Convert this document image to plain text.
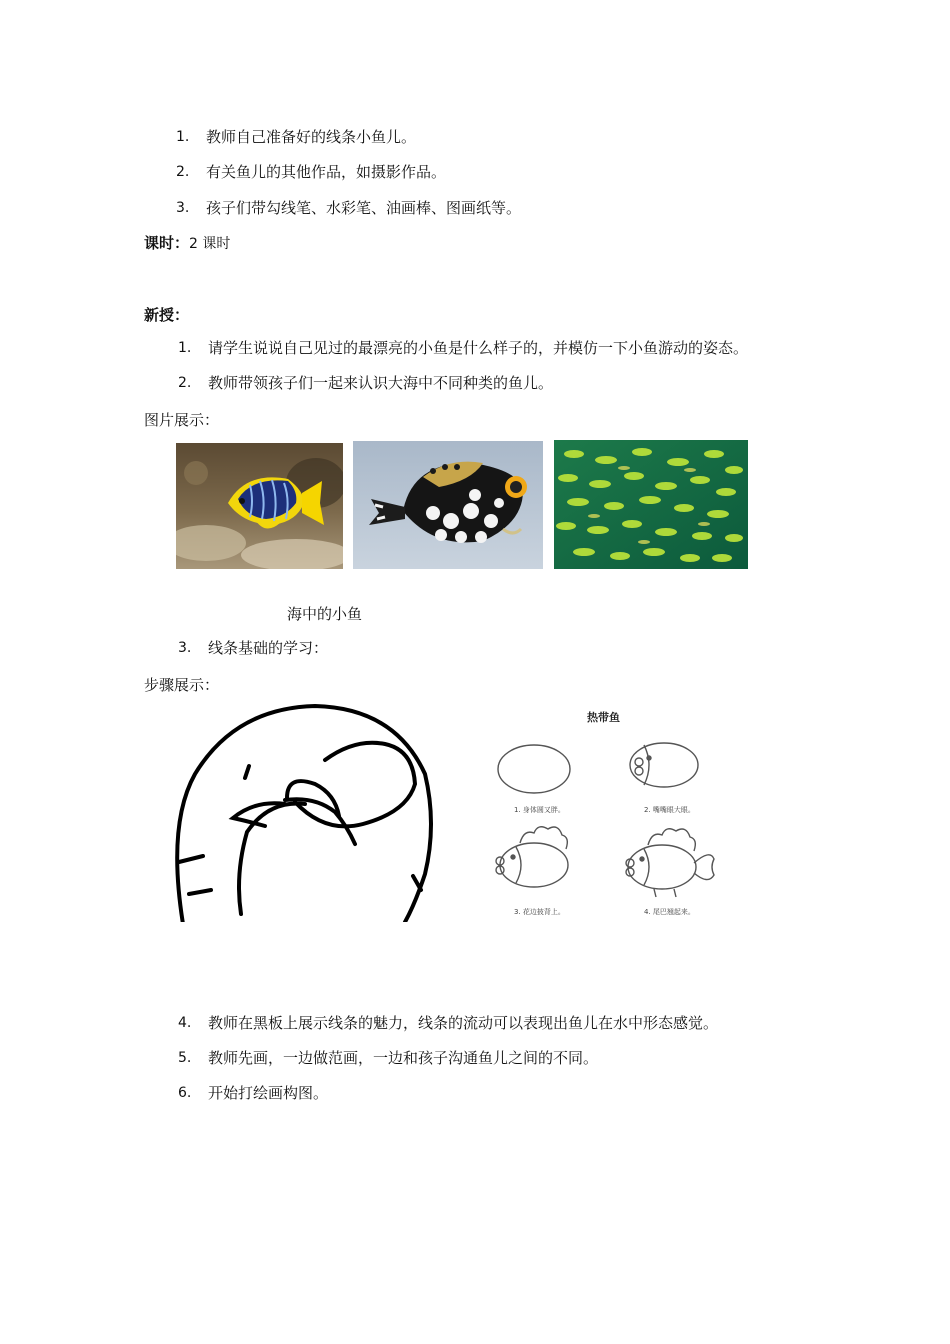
1. 教师自己准备好的线条小鱼儿。
2. 有关鱼儿的其他作品，如摄影作品。
3. 孩子们带勾线笔、水彩笔、油画棒、图画纸等。
课时：2 课时
新授：
1. 请学生说说自己见过的最漂亮的小鱼是什么样子的，并模仿一下小鱼游动的姿态。
2. 教师带领孩子们一起来认识大海中不同种类的鱼儿。
图片展示：
海中的小鱼
3. 线条基础的学习：
步骤展示：
热带鱼
1. 身体圆又胖。	2. 嘴嘴眼大眼。
3. 花边披背上。	4. 尾巴翘起来。
4. 教师在黑板上展示线条的魅力，线条的流动可以表现出鱼儿在水中形态感觉。
5. 教师先画，一边做范画，一边和孩子沟通鱼儿之间的不同。
6. 开始打绘画构图。
